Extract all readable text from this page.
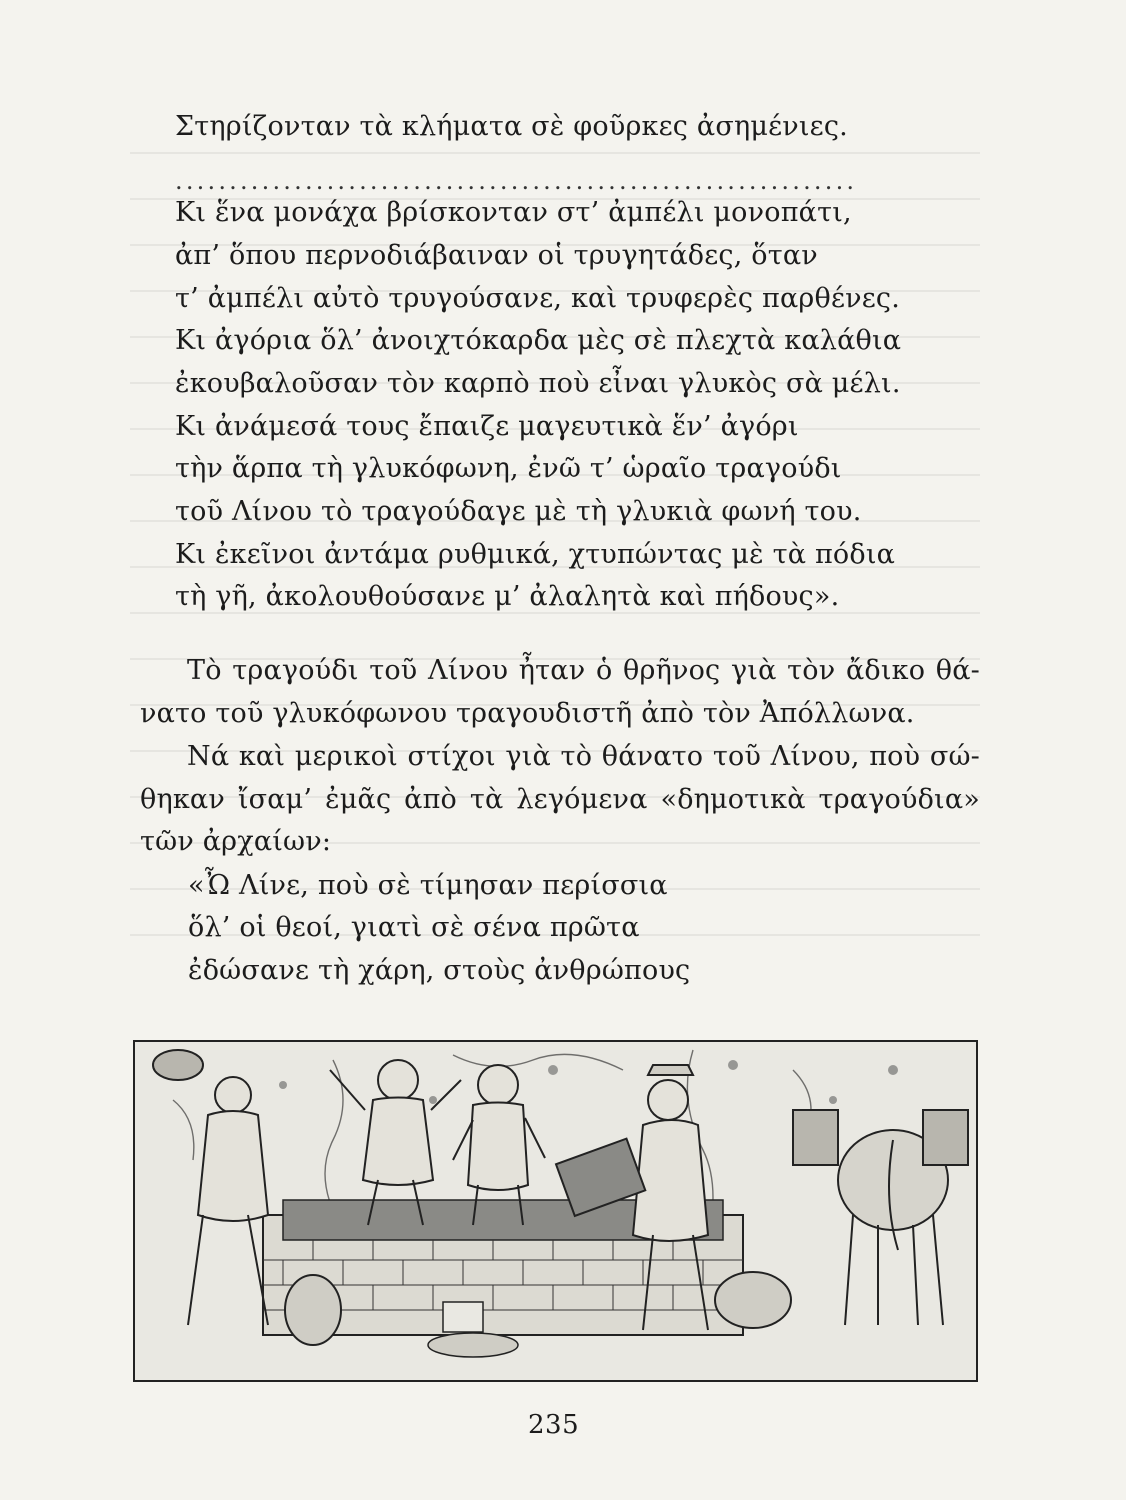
Στηρίζονταν τὰ κλήματα σὲ φοῦρκες ἀσημένιες.
...............................................................
Κι ἕνα μονάχα βρίσκονταν στ’ ἀμπέλι μονοπάτι,
ἀπ’ ὅπου περνοδιάβαιναν οἱ τρυγητάδες, ὅταν
τ’ ἀμπέλι αὐτὸ τρυγούσανε, καὶ τρυφερὲς παρθένες.
Κι ἀγόρια ὅλ’ ἀνοιχτόκαρδα μὲς σὲ πλεχτὰ καλάθια
ἐκουβαλοῦσαν τὸν καρπὸ ποὺ εἶναι γλυκὸς σὰ μέλι.
Κι ἀνάμεσά τους ἔπαιζε μαγευτικὰ ἕν’ ἀγόρι
τὴν ἅρπα τὴ γλυκόφωνη, ἐνῶ τ’ ὡραῖο τραγούδι
τοῦ Λίνου τὸ τραγούδαγε μὲ τὴ γλυκιὰ φωνή του.
Κι ἐκεῖνοι ἀντάμα ρυθμικά, χτυπώντας μὲ τὰ πόδια
τὴ γῆ, ἀκολουθούσανε μ’ ἀλαλητὰ καὶ πήδους».
Τὸ τραγούδι τοῦ Λίνου ἦταν ὁ θρῆνος γιὰ τὸν ἄδικο θά-
νατο τοῦ γλυκόφωνου τραγουδιστῆ ἀπὸ τὸν Ἀπόλλωνα.
Νά καὶ μερικοὶ στίχοι γιὰ τὸ θάνατο τοῦ Λίνου, ποὺ σώ-
θηκαν ἴσαμ’ ἐμᾶς ἀπὸ τὰ λεγόμενα «δημοτικὰ τραγούδια»
τῶν ἀρχαίων:
«Ὦ Λίνε, ποὺ σὲ τίμησαν περίσσια
ὅλ’ οἱ θεοί, γιατὶ σὲ σένα πρῶτα
ἐδώσανε τὴ χάρη, στοὺς ἀνθρώπους
235
